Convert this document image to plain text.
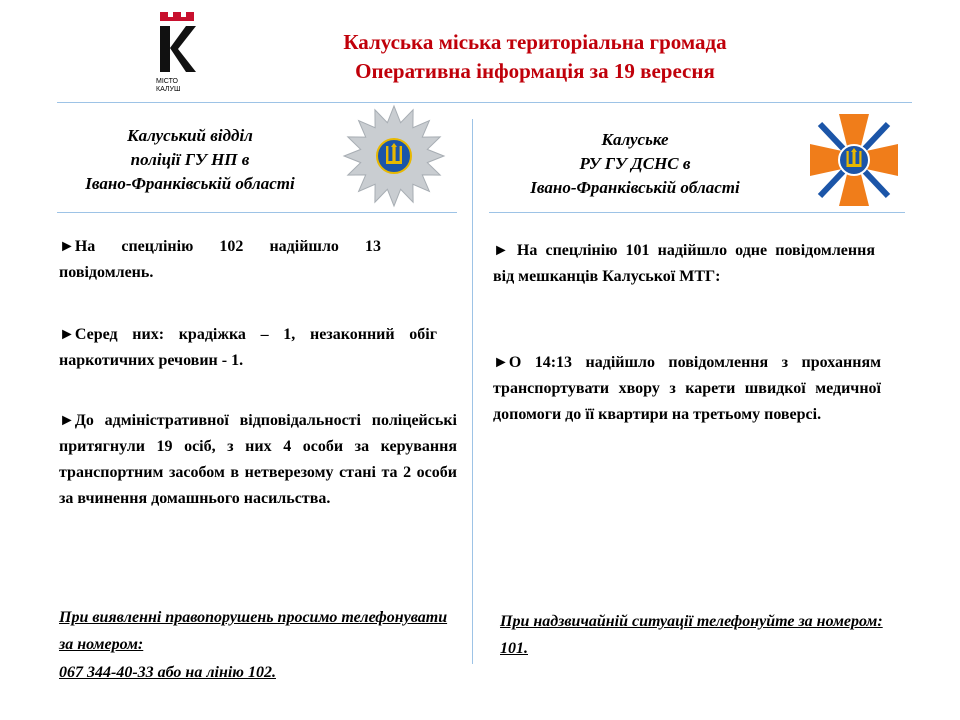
МІСТО
КАЛУШ
Калуська міська територіальна громада
Оперативна інформація за 19 вересня
Калуський відділ
поліції ГУ НП в
Івано-Франківській області
►На спецлінію 102 надійшло 13 повідомлень.
►Серед них: крадіжка – 1, незаконний обіг наркотичних речовин - 1.
►До адміністративної відповідальності поліцейські притягнули 19 осіб, з них 4 особи за керування транспортним засобом в нетверезому стані та 2 особи за вчинення домашнього насильства.
При виявленні правопорушень просимо телефонувати за номером:
067 344-40-33 або на лінію 102.
Калуське
РУ ГУ ДСНС в
Івано-Франківській області
► На спецлінію 101 надійшло одне повідомлення від мешканців Калуської МТГ:
►О 14:13 надійшло повідомлення з проханням транспортувати хвору з карети швидкої медичної допомоги до її квартири на третьому поверсі.
При надзвичайній ситуації телефонуйте за номером: 101.
